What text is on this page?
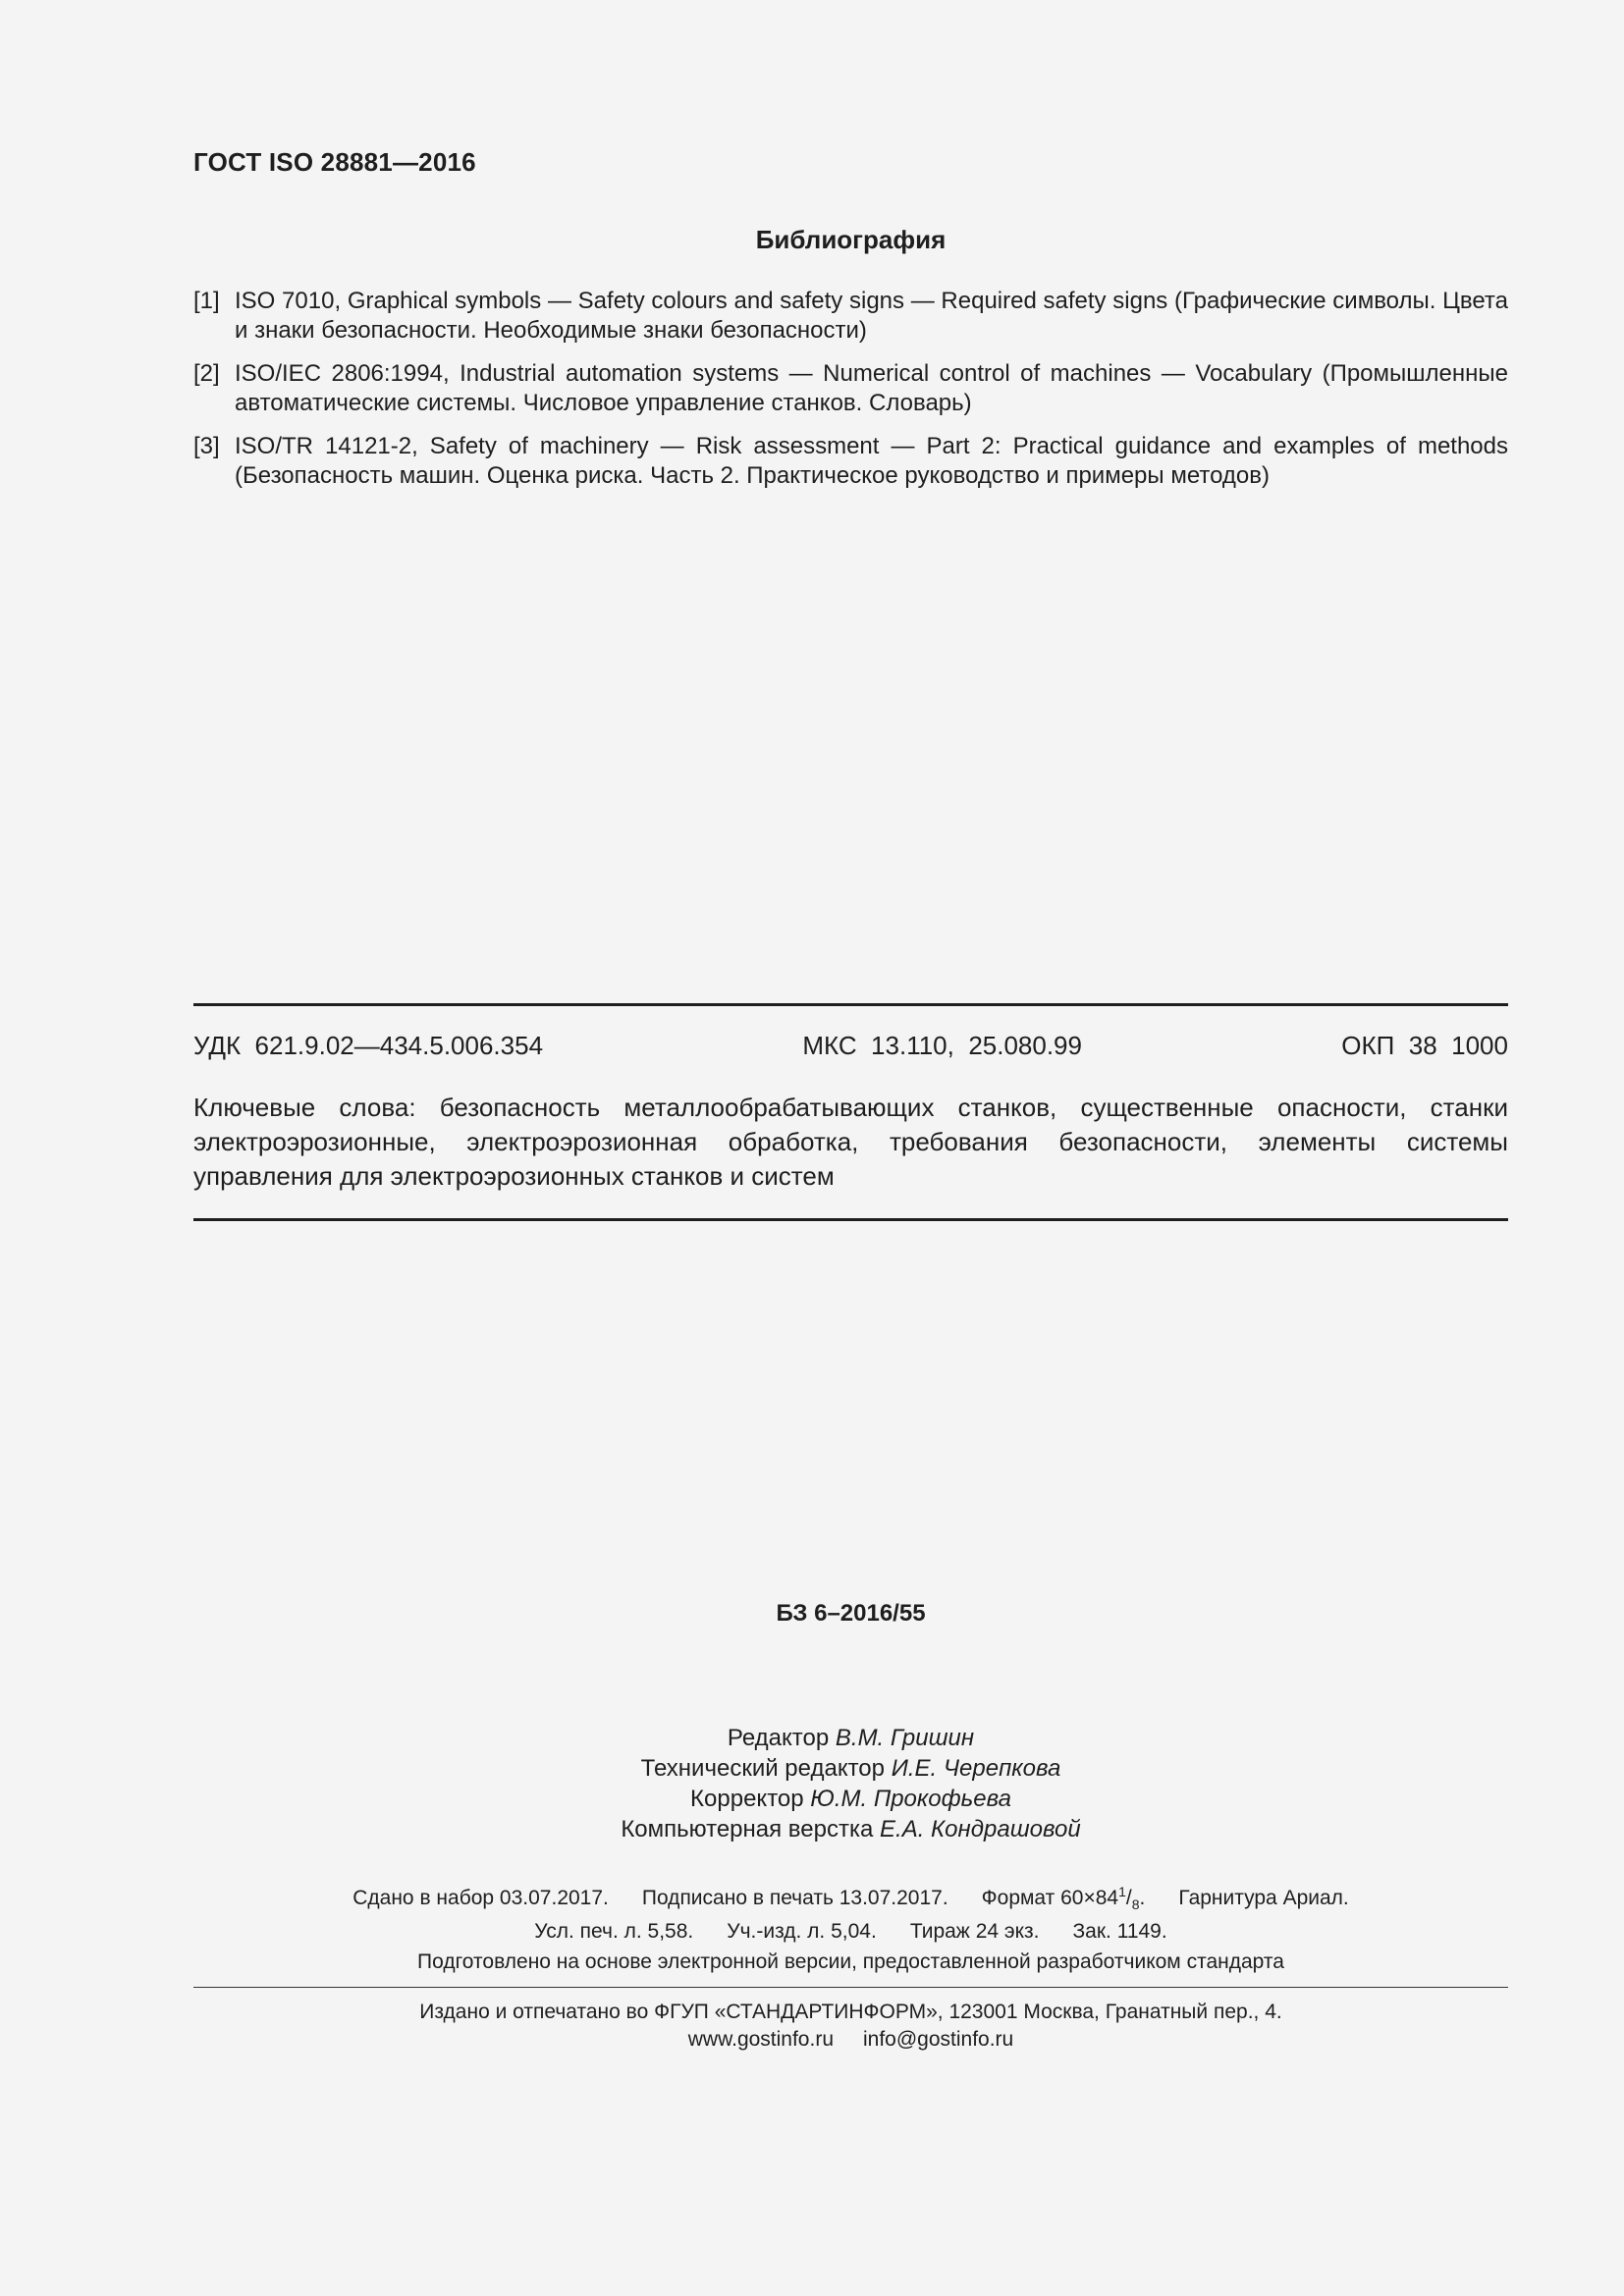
ГОСТ ISO 28881—2016
Библиография
[1] ISO 7010, Graphical symbols — Safety colours and safety signs — Required safety signs (Графические символы. Цвета и знаки безопасности. Необходимые знаки безопасности)
[2] ISO/IEC 2806:1994, Industrial automation systems — Numerical control of machines — Vocabulary (Промышленные автоматические системы. Числовое управление станков. Словарь)
[3] ISO/TR 14121-2, Safety of machinery — Risk assessment — Part 2: Practical guidance and examples of methods (Безопасность машин. Оценка риска. Часть 2. Практическое руководство и примеры методов)
УДК  621.9.02—434.5.006.354	МКС  13.110,  25.080.99	ОКП  38  1000
Ключевые слова: безопасность металлообрабатывающих станков, существенные опасности, станки электроэрозионные, электроэрозионная обработка, требования безопасности, элементы системы управления для электроэрозионных станков и систем
БЗ 6–2016/55
Редактор В.М. Гришин
Технический редактор И.Е. Черепкова
Корректор Ю.М. Прокофьева
Компьютерная верстка Е.А. Кондрашовой
Сдано в набор 03.07.2017. Подписано в печать 13.07.2017. Формат $60\times 84^1/_8$. Гарнитура Ариал.
Усл. печ. л. 5,58. Уч.-изд. л. 5,04. Тираж 24 экз. Зак. 1149.
Подготовлено на основе электронной версии, предоставленной разработчиком стандарта
Издано и отпечатано во ФГУП «СТАНДАРТИНФОРМ», 123001 Москва, Гранатный пер., 4.
www.gostinfo.ru info@gostinfo.ru
